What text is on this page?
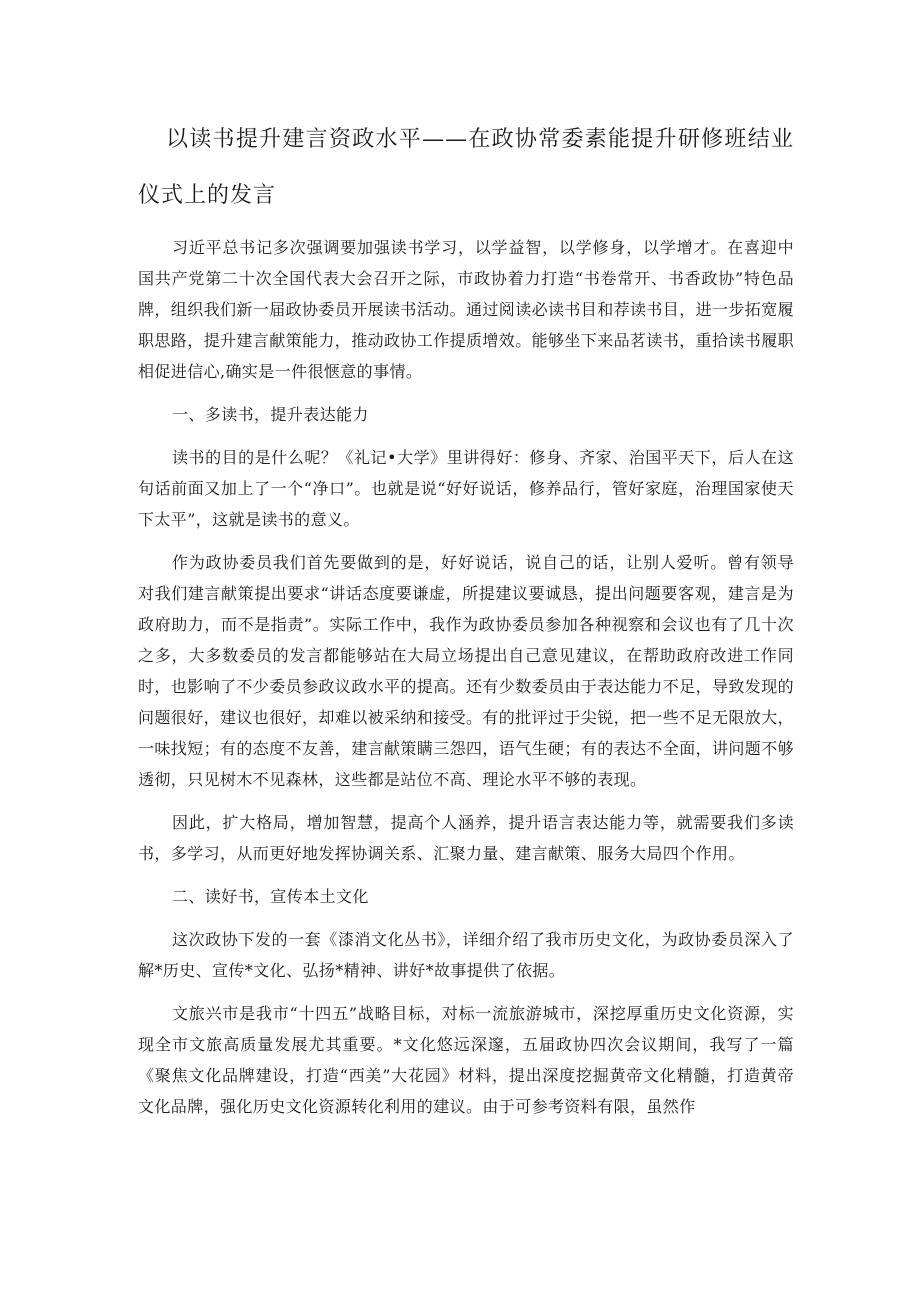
以读书提升建言资政水平——在政协常委素能提升研修班结业仪式上的发言

习近平总书记多次强调要加强读书学习，以学益智，以学修身，以学增才。在喜迎中国共产党第二十次全国代表大会召开之际，市政协着力打造“书卷常开、书香政协”特色品牌，组织我们新一届政协委员开展读书活动。通过阅读必读书目和荐读书目，进一步拓宽履职思路，提升建言献策能力，推动政协工作提质增效。能够坐下来品茗读书，重拾读书履职相促进信心,确实是一件很惬意的事情。

一、多读书，提升表达能力

读书的目的是什么呢？《礼记•大学》里讲得好：修身、齐家、治国平天下，后人在这句话前面又加上了一个“净口”。也就是说“好好说话，修养品行，管好家庭，治理国家使天下太平”，这就是读书的意义。

作为政协委员我们首先要做到的是，好好说话，说自己的话，让别人爱听。曾有领导对我们建言献策提出要求“讲话态度要谦虚，所提建议要诚恳，提出问题要客观，建言是为政府助力，而不是指责”。实际工作中，我作为政协委员参加各种视察和会议也有了几十次之多，大多数委员的发言都能够站在大局立场提出自己意见建议，在帮助政府改进工作同时，也影响了不少委员参政议政水平的提高。还有少数委员由于表达能力不足，导致发现的问题很好，建议也很好，却难以被采纳和接受。有的批评过于尖锐，把一些不足无限放大，一味找短；有的态度不友善，建言献策瞒三怨四，语气生硬；有的表达不全面，讲问题不够透彻，只见树木不见森林，这些都是站位不高、理论水平不够的表现。

因此，扩大格局，增加智慧，提高个人涵养，提升语言表达能力等，就需要我们多读书，多学习，从而更好地发挥协调关系、汇聚力量、建言献策、服务大局四个作用。

二、读好书，宣传本土文化

这次政协下发的一套《漆消文化丛书》，详细介绍了我市历史文化，为政协委员深入了解*历史、宣传*文化、弘扬*精神、讲好*故事提供了依据。

文旅兴市是我市“十四五”战略目标，对标一流旅游城市，深挖厚重历史文化资源，实现全市文旅高质量发展尤其重要。*文化悠远深邃，五届政协四次会议期间，我写了一篇《聚焦文化品牌建设，打造“西美”大花园》材料，提出深度挖掘黄帝文化精髓，打造黄帝文化品牌，强化历史文化资源转化利用的建议。由于可参考资料有限，虽然作
